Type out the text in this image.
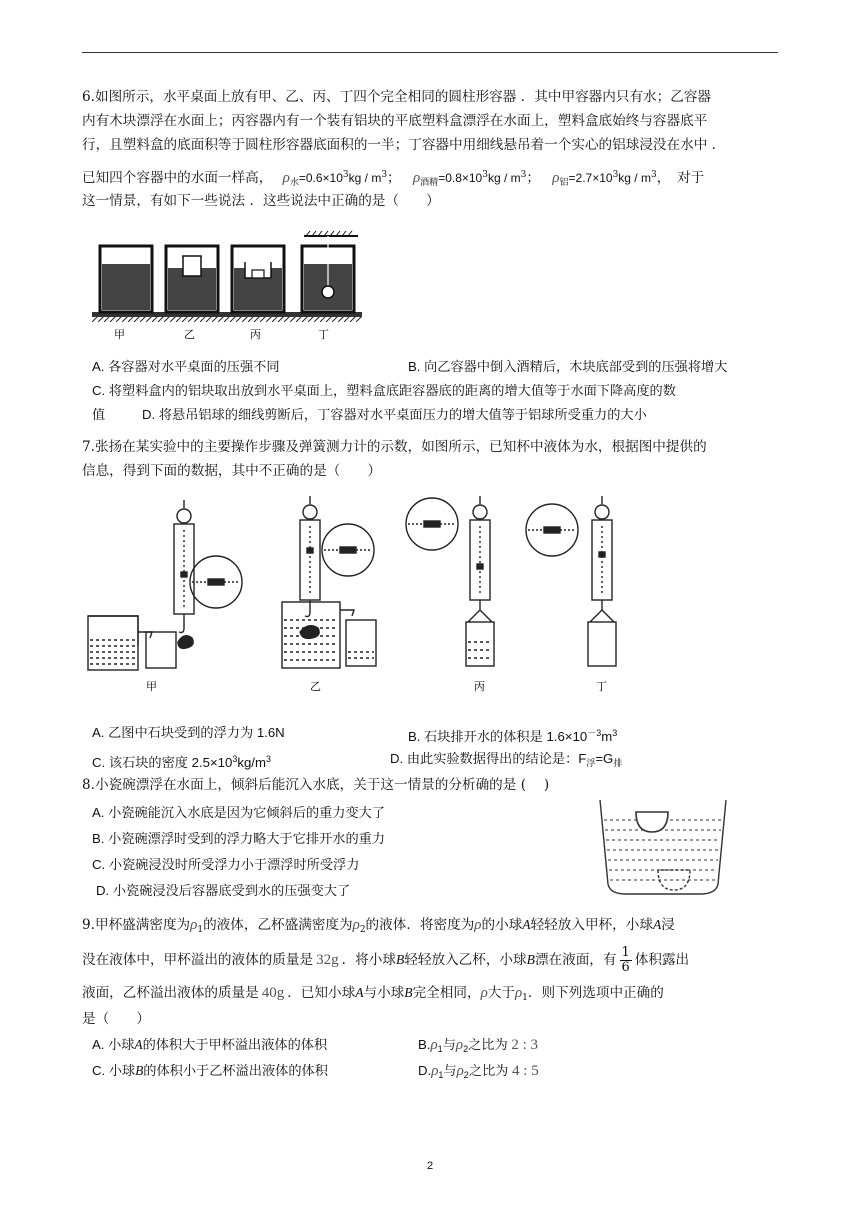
6.如图所示，水平桌面上放有甲、乙、丙、丁四个完全相同的圆柱形容器 ．其中甲容器内只有水；乙容器
内有木块漂浮在水面上；丙容器内有一个装有铝块的平底塑料盒漂浮在水面上，塑料盒底始终与容器底平
行，且塑料盒的底面积等于圆柱形容器底面积的一半；丁容器中用细线悬吊着一个实心的铝球浸没在水中 ．
已知四个容器中的水面一样高， $\rho_水=0.6\times 10^3kg / m^3$； $\rho_{酒精}=0.8\times 10^3kg / m^3$； $\rho_铝=2.7\times 10^3kg / m^3$，　对于
这一情景，有如下一些说法 ．这些说法中正确的是（　　）
甲	乙	丙	丁
A. 各容器对水平桌面的压强不同	B. 向乙容器中倒入酒精后，木块底部受到的压强将增大
C. 将塑料盒内的铝块取出放到水平桌面上，塑料盒底距容器底的距离的增大值等于水面下降高度的数
值	D. 将悬吊铝球的细线剪断后，丁容器对水平桌面压力的增大值等于铝球所受重力的大小
7.张扬在某实验中的主要操作步骤及弹簧测力计的示数，如图所示，已知杯中液体为水，根据图中提供的
信息，得到下面的数据，其中不正确的是（　　）
甲	乙	丙	丁
A. 乙图中石块受到的浮力为 1.6N	B. 石块排开水的体积是 $1.6\times 10^{-3}m^3$
C. 该石块的密度 $2.5\times 10^3kg/m^3$	D. 由此实验数据得出的结论是：$F_浮=G_排$
8.小瓷碗漂浮在水面上，倾斜后能沉入水底，关于这一情景的分析确的是 (　 )
A. 小瓷碗能沉入水底是因为它倾斜后的重力变大了
B. 小瓷碗漂浮时受到的浮力略大于它排开水的重力
C. 小瓷碗浸没时所受浮力小于漂浮时所受浮力
D. 小瓷碗浸没后容器底受到水的压强变大了
9.甲杯盛满密度为$\rho_1$的液体，乙杯盛满密度为$\rho_2$的液体．将密度为ρ的小球A轻轻放入甲杯，小球A浸
没在液体中，甲杯溢出的液体的质量是 32g ．将小球B轻轻放入乙杯，小球B漂在液面，有 $\frac{1}{6}$ 体积露出
液面，乙杯溢出液体的质量是 40g ．已知小球A与小球B完全相同，ρ大于$\rho_1$．则下列选项中正确的
是（　　）
A. 小球A的体积大于甲杯溢出液体的体积	$B.\rho_1$与$\rho_2$之比为 2 : 3
C. 小球B的体积小于乙杯溢出液体的体积	$D.\rho_1$与$\rho_2$之比为 4 : 5
2
